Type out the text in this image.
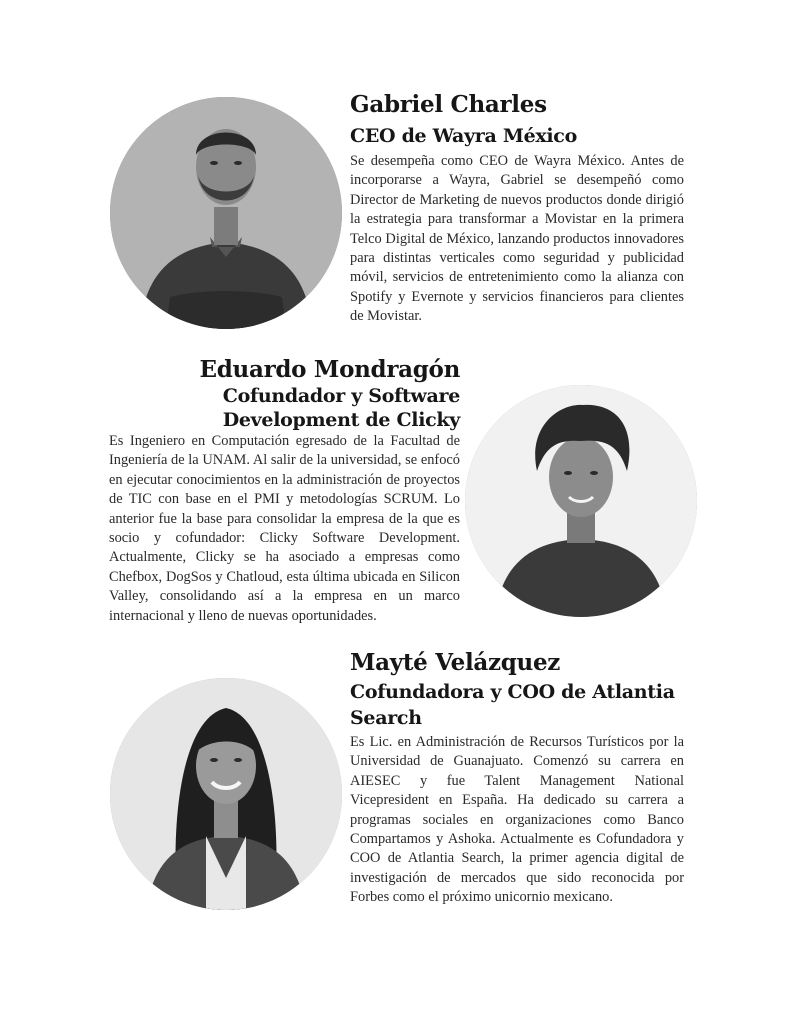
Gabriel Charles
CEO de Wayra México

Se desempeña como CEO de Wayra México. Antes de incorporarse a Wayra, Gabriel se desempeñó como Director de Marketing de nuevos productos donde dirigió la estrategia para transformar a Movistar en la primera Telco Digital de México, lanzando productos innovadores para distintas verticales como seguridad y publicidad móvil, servicios de entretenimiento como la alianza con Spotify y Evernote y servicios financieros para clientes de Movistar.

Eduardo Mondragón
Cofundador y Software
Development de Clicky

Es Ingeniero en Computación egresado de la Facultad de Ingeniería de la UNAM. Al salir de la universidad, se enfocó en ejecutar conocimientos en la administración de proyectos de TIC con base en el PMI y metodologías SCRUM. Lo anterior fue la base para consolidar la empresa de la que es socio y cofundador: Clicky Software Development. Actualmente, Clicky se ha asociado a empresas como Chefbox, DogSos y Chatloud, esta última ubicada en Silicon Valley, consolidando así a la empresa en un marco internacional y lleno de nuevas oportunidades.

Mayté Velázquez
Cofundadora y COO de Atlantia
Search

Es Lic. en Administración de Recursos Turísticos por la Universidad de Guanajuato. Comenzó su carrera en AIESEC y fue Talent Management National Vicepresident en España. Ha dedicado su carrera a programas sociales en organizaciones como Banco Compartamos y Ashoka. Actualmente es Cofundadora y COO de Atlantia Search, la primer agencia digital de investigación de mercados que sido reconocida por Forbes como el próximo unicornio mexicano.
